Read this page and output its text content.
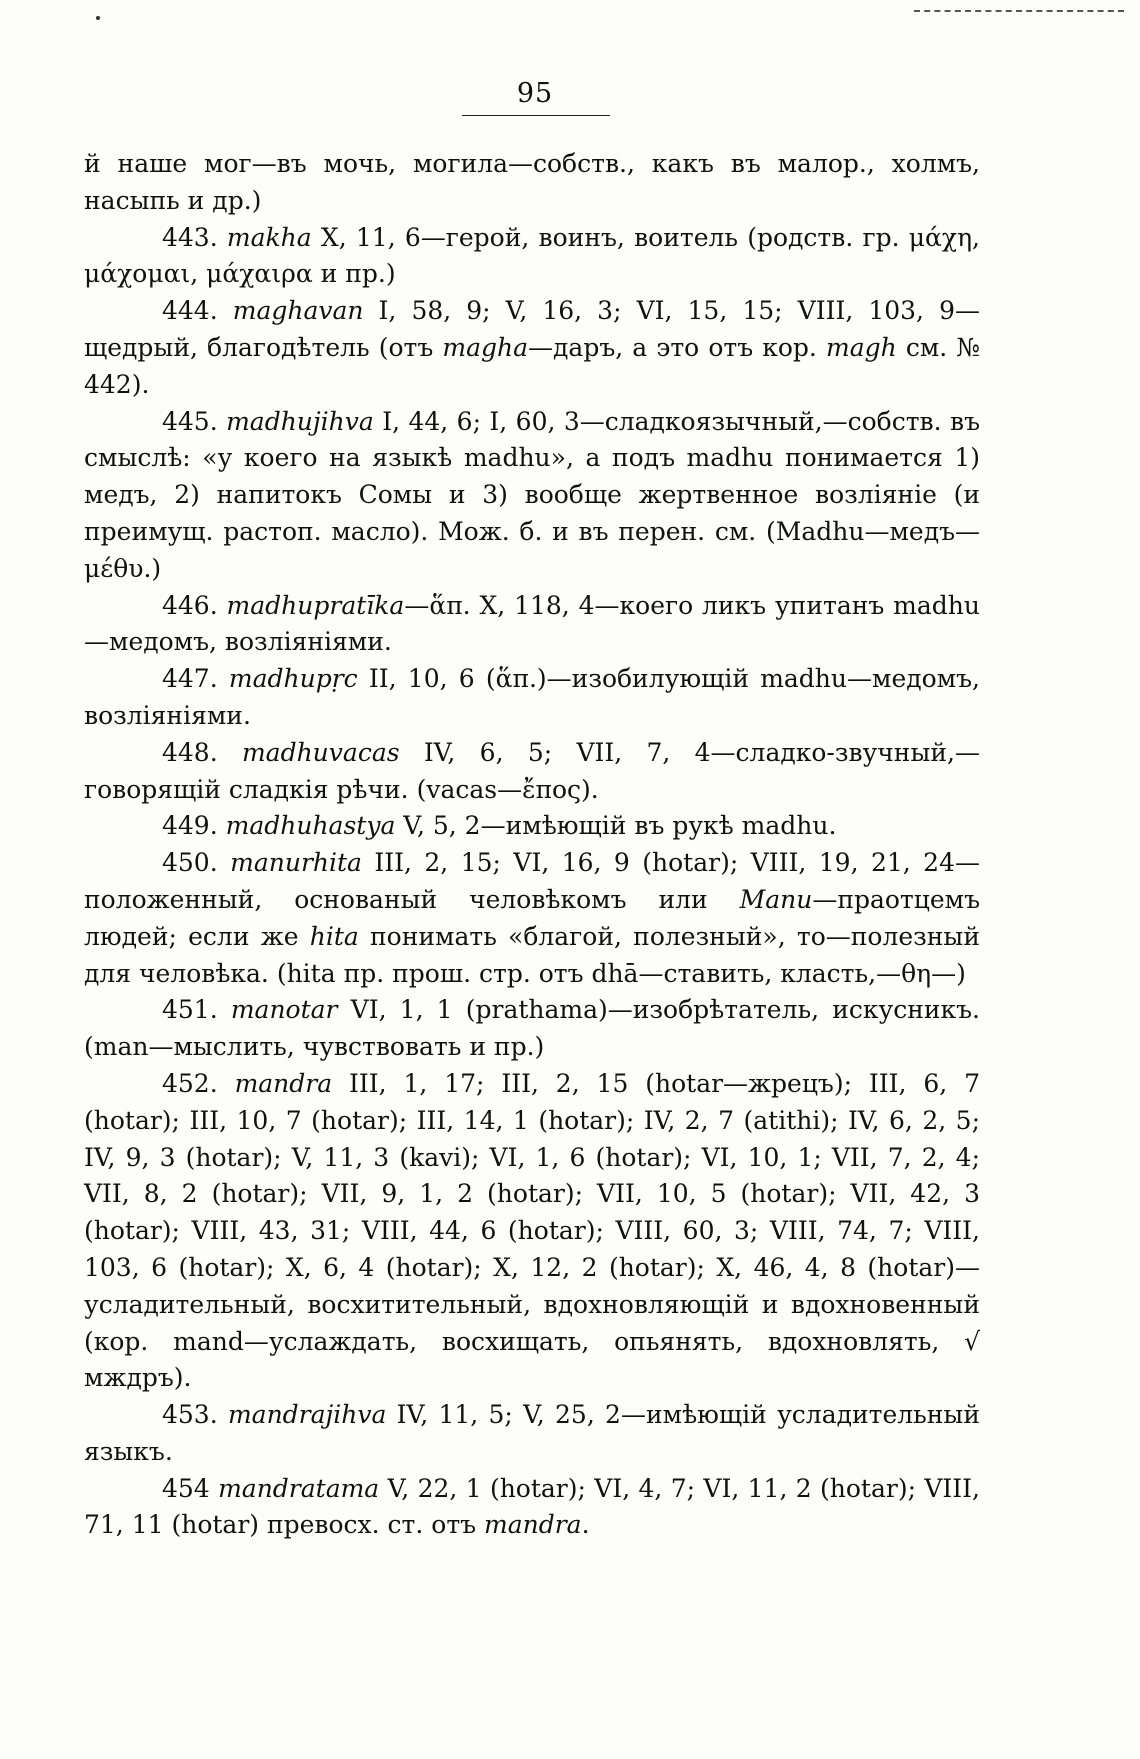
95

й наше мог—въ мочь, могила—собств., какъ въ малор., холмъ, насыпь и др.)

443. makha X, 11, 6—герой, воинъ, воитель (родств. гр. μάχη, μάχομαι, μάχαιρα и пр.)

444. maghavan I, 58, 9; V, 16, 3; VI, 15, 15; VIII, 103, 9—щедрый, благодѣтель (отъ magha—даръ, а это отъ кор. magh см. № 442).

445. madhujihva I, 44, 6; I, 60, 3—сладкоязычный,—собств. въ смыслѣ: «у коего на языкѣ madhu», а подъ madhu понимается 1) медъ, 2) напитокъ Сомы и 3) вообще жертвенное возліяніе (и преимущ. растоп. масло). Мож. б. и въ перен. см. (Madhu—медъ—μέθυ.)

446. madhupratīka—ἅπ. X, 118, 4—коего ликъ упитанъ madhu—медомъ, возліяніями.

447. madhupṛc II, 10, 6 (ἅπ.)—изобилующій madhu—медомъ, возліяніями.

448. madhuvacas IV, 6, 5; VII, 7, 4—сладко-звучный,—говорящій сладкія рѣчи. (vacas—ἔπος).

449. madhuhastya V, 5, 2—имѣющій въ рукѣ madhu.

450. manurhita III, 2, 15; VI, 16, 9 (hotar); VIII, 19, 21, 24—положенный, основаный человѣкомъ или Manu—праотцемъ людей; если же hita понимать «благой, полезный», то—полезный для человѣка. (hita пр. прош. стр. отъ dhā—ставить, класть,—θη—)

451. manotar VI, 1, 1 (prathama)—изобрѣтатель, искусникъ. (man—мыслить, чувствовать и пр.)

452. mandra III, 1, 17; III, 2, 15 (hotar—жрецъ); III, 6, 7 (hotar); III, 10, 7 (hotar); III, 14, 1 (hotar); IV, 2, 7 (atithi); IV, 6, 2, 5; IV, 9, 3 (hotar); V, 11, 3 (kavi); VI, 1, 6 (hotar); VI, 10, 1; VII, 7, 2, 4; VII, 8, 2 (hotar); VII, 9, 1, 2 (hotar); VII, 10, 5 (hotar); VII, 42, 3 (hotar); VIII, 43, 31; VIII, 44, 6 (hotar); VIII, 60, 3; VIII, 74, 7; VIII, 103, 6 (hotar); X, 6, 4 (hotar); X, 12, 2 (hotar); X, 46, 4, 8 (hotar)—усладительный, восхитительный, вдохновляющій и вдохновенный (кор. mand—услаждать, восхищать, опьянять, вдохновлять, √ мждръ).

453. mandrajihva IV, 11, 5; V, 25, 2—имѣющій усладительный языкъ.

454 mandratama V, 22, 1 (hotar); VI, 4, 7; VI, 11, 2 (hotar); VIII, 71, 11 (hotar) превосх. ст. отъ mandra.
